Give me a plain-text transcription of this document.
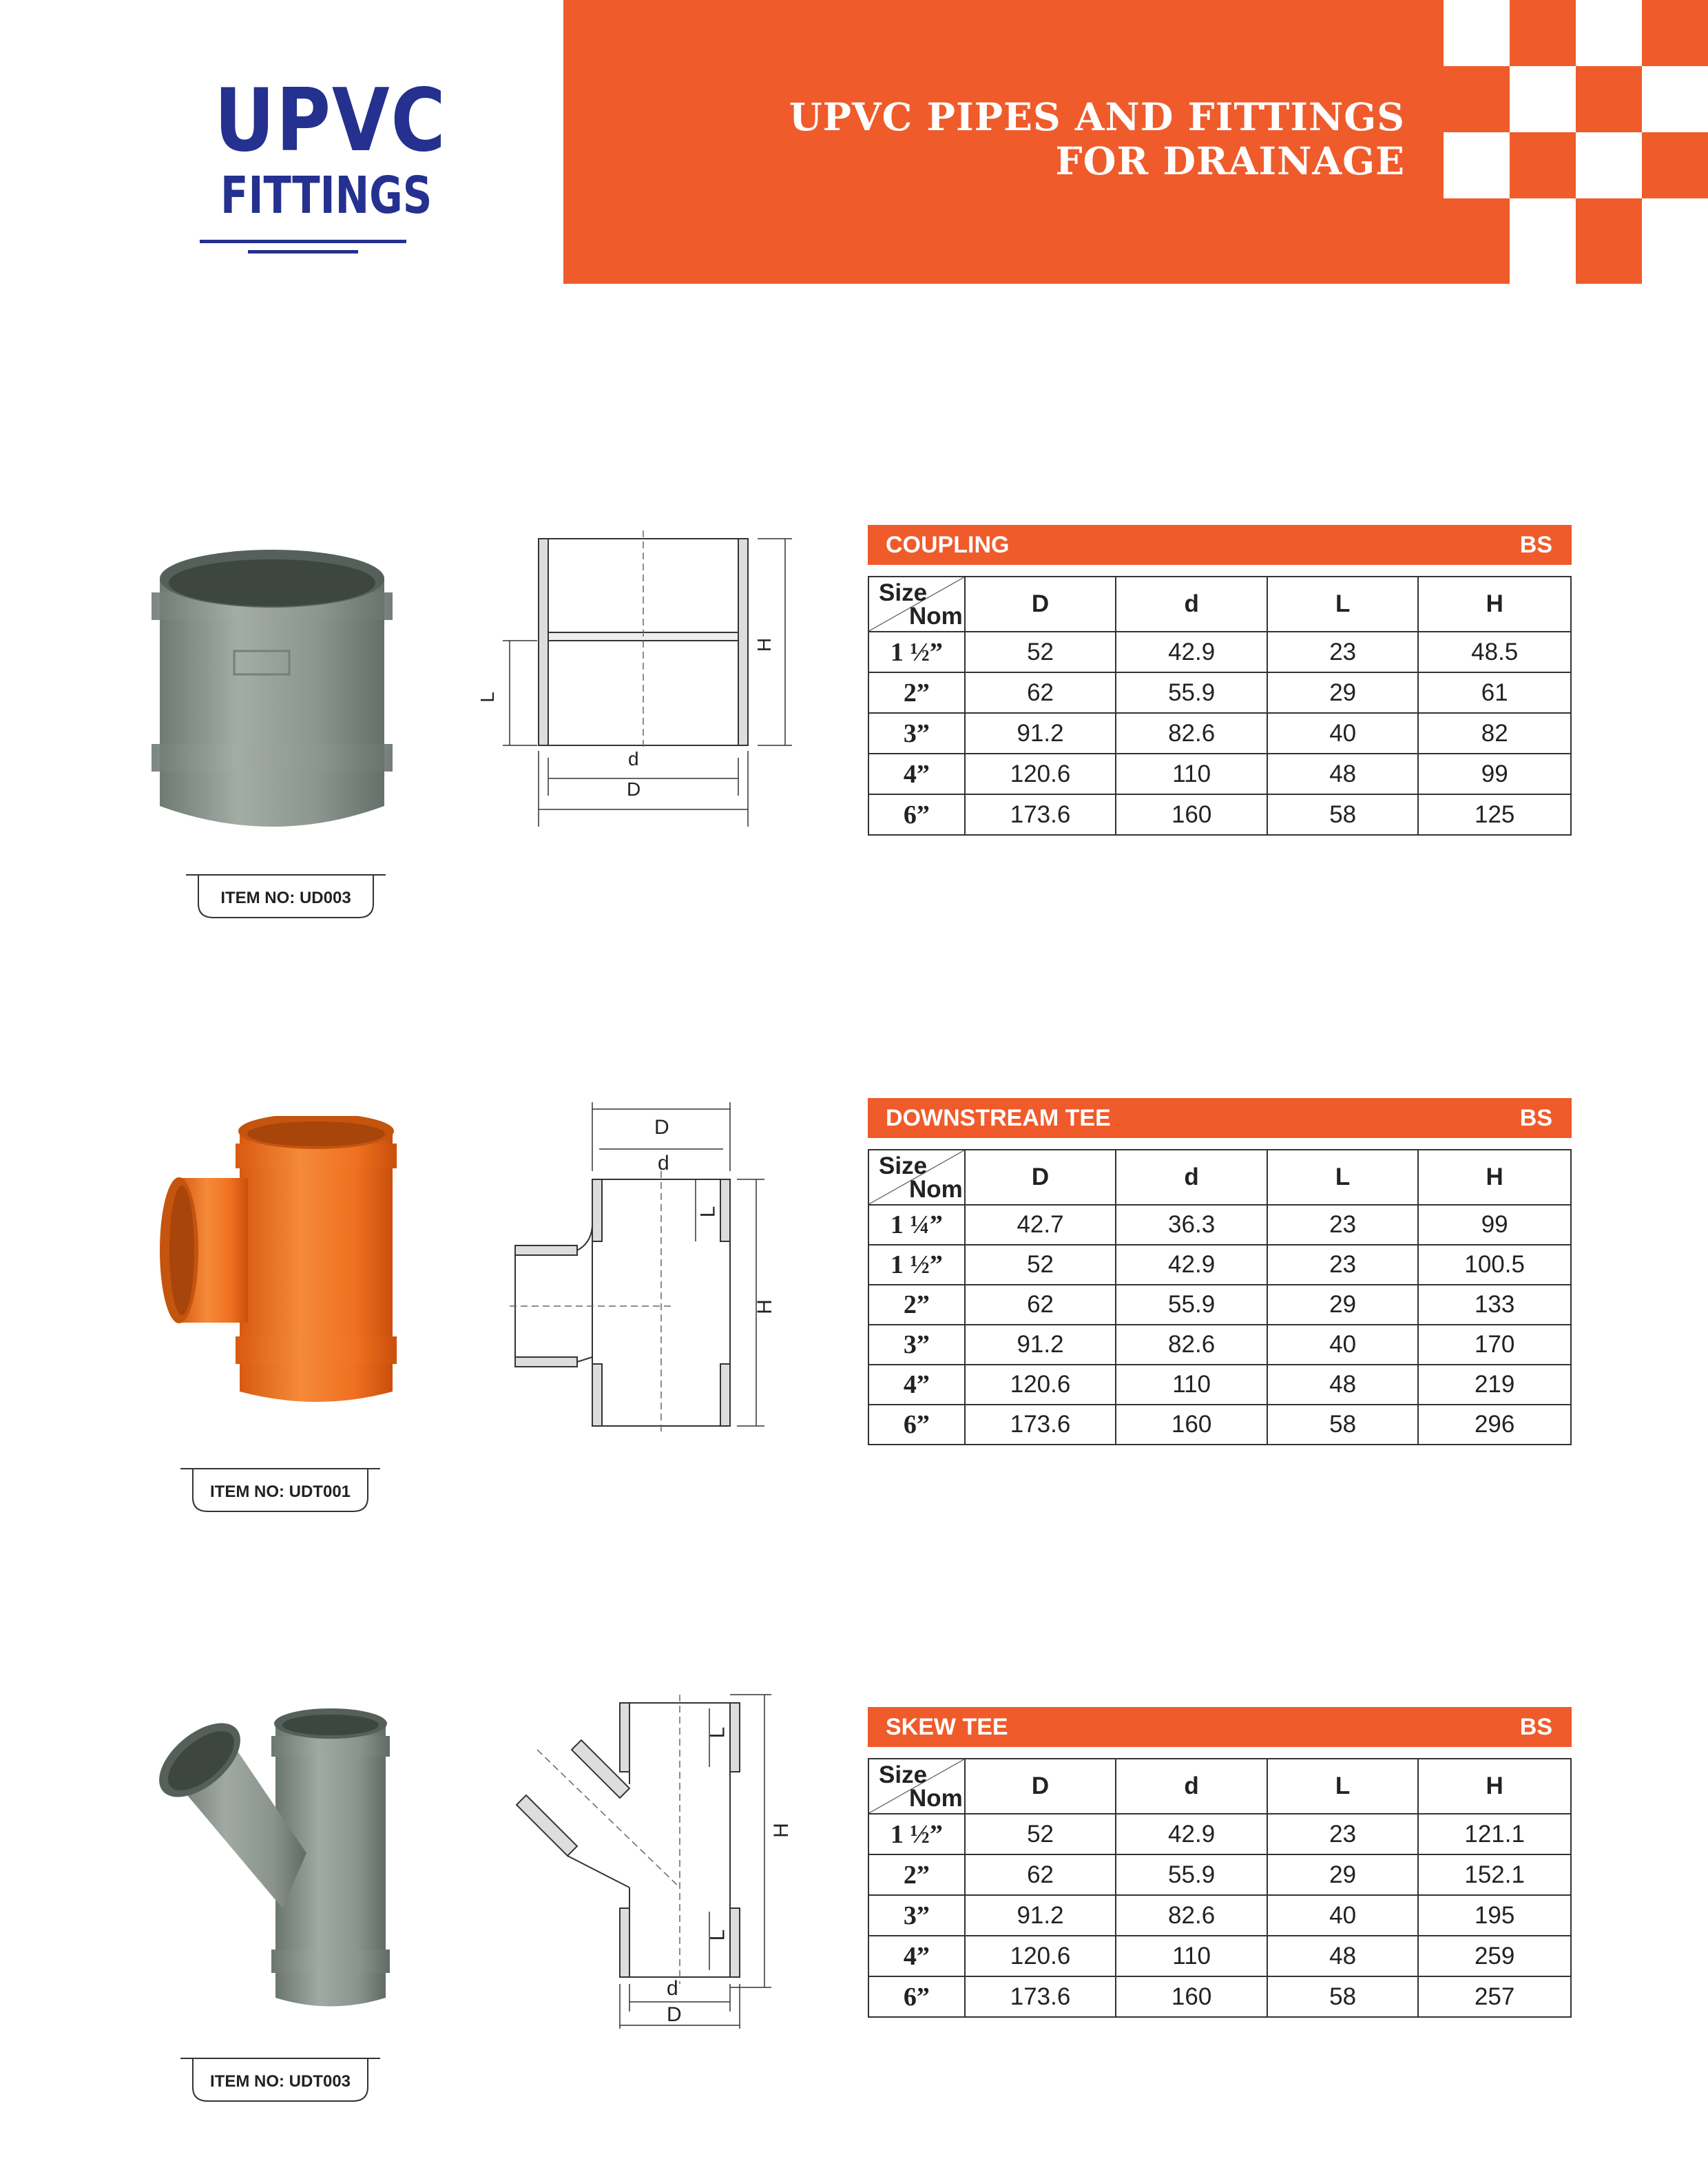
UPVC
FITTINGS
UPVC PIPES AND FITTINGS
FOR DRAINAGE
d
D
L
H
COUPLING	BS
Nom
Size	D	d	L	H
1 ½”	52	42.9	23	48.5
2”	62	55.9	29	61
3”	91.2	82.6	40	82
4”	120.6	110	48	99
6”	173.6	160	58	125
ITEM NO: UD003
D
d
L
H
DOWNSTREAM TEE	BS
Nom
Size	D	d	L	H
1 ¼”	42.7	36.3	23	99
1 ½”	52	42.9	23	100.5
2”	62	55.9	29	133
3”	91.2	82.6	40	170
4”	120.6	110	48	219
6”	173.6	160	58	296
ITEM NO: UDT001
d
D
L
L
H
SKEW TEE	BS
Nom
Size	D	d	L	H
1 ½”	52	42.9	23	121.1
2”	62	55.9	29	152.1
3”	91.2	82.6	40	195
4”	120.6	110	48	259
6”	173.6	160	58	257
ITEM NO: UDT003
